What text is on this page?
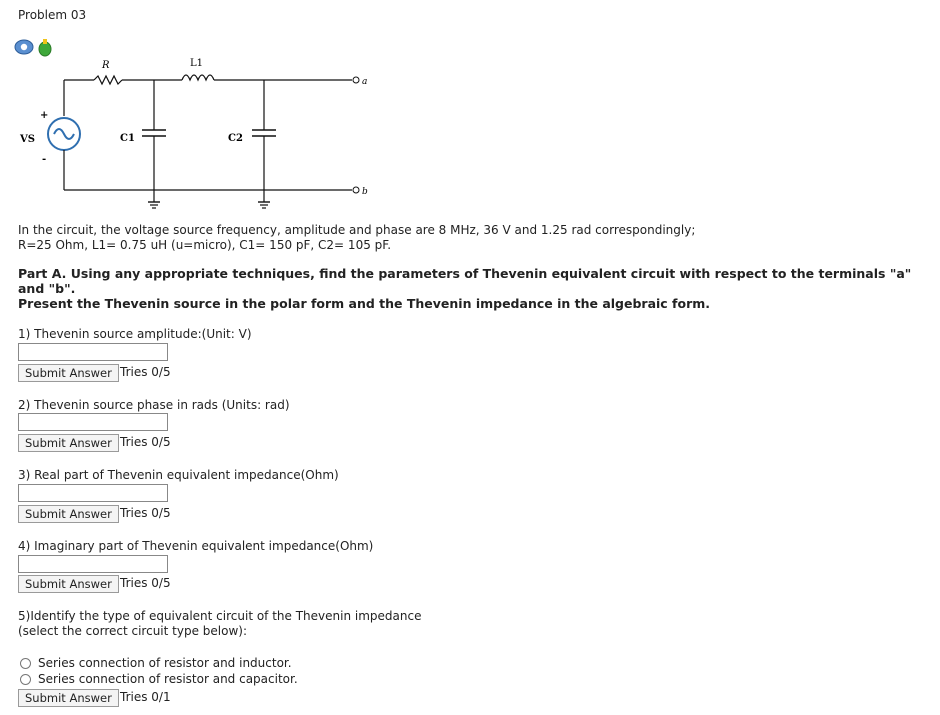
Problem 03
R	L1
C1	C2
VS
+
-
a
b
In the circuit, the voltage source frequency, amplitude and phase are 8 MHz, 36 V and 1.25 rad correspondingly;
R=25 Ohm, L1= 0.75 uH (u=micro), C1= 150 pF, C2= 105 pF.
Part A. Using any appropriate techniques, find the parameters of Thevenin equivalent circuit with respect to the terminals "a" and "b".
Present the Thevenin source in the polar form and the Thevenin impedance in the algebraic form.
1) Thevenin source amplitude:(Unit: V)
Submit Answer Tries 0/5
2) Thevenin source phase in rads (Units: rad)
Submit Answer Tries 0/5
3) Real part of Thevenin equivalent impedance(Ohm)
Submit Answer Tries 0/5
4) Imaginary part of Thevenin equivalent impedance(Ohm)
Submit Answer Tries 0/5
5)Identify the type of equivalent circuit of the Thevenin impedance
(select the correct circuit type below):
Series connection of resistor and inductor.
Series connection of resistor and capacitor.
Submit Answer Tries 0/1
